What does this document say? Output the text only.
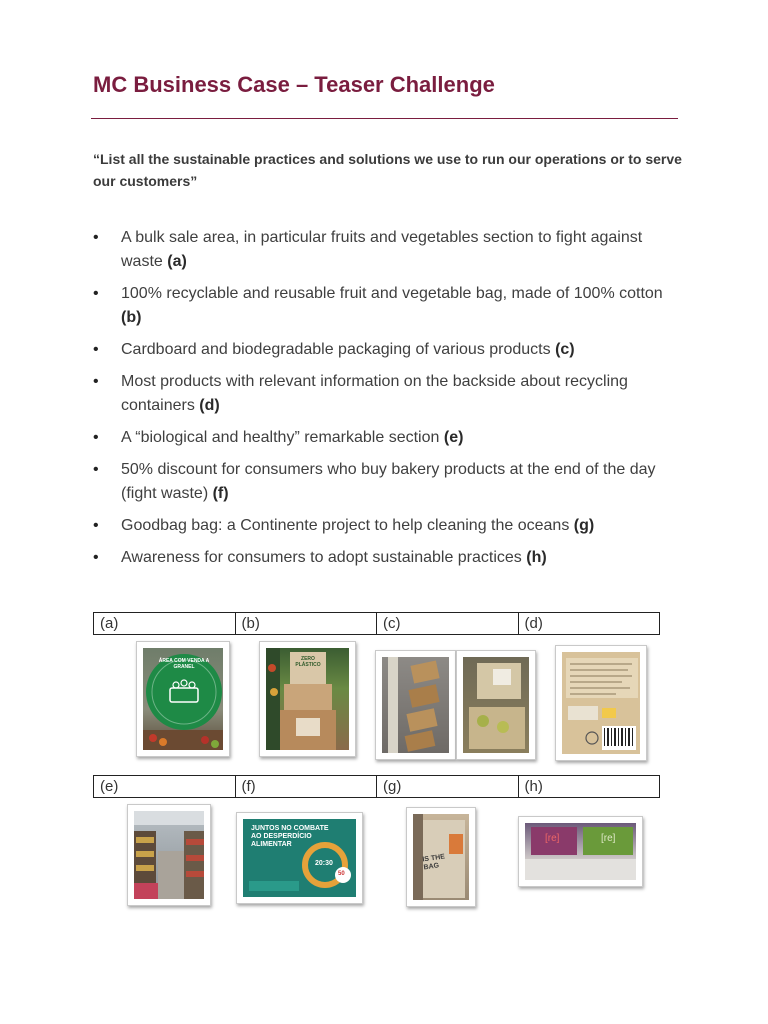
MC Business Case – Teaser Challenge

“List all the sustainable practices and solutions we use to run our operations or to serve our customers”

• A bulk sale area, in particular fruits and vegetables section to fight against waste (a)
• 100% recyclable and reusable fruit and vegetable bag, made of 100% cotton (b)
• Cardboard and biodegradable packaging of various products (c)
• Most products with relevant information on the backside about recycling containers (d)
• A “biological and healthy” remarkable section (e)
• 50% discount for consumers who buy bakery products at the end of the day (fight waste) (f)
• Goodbag bag: a Continente project to help cleaning the oceans (g)
• Awareness for consumers to adopt sustainable practices (h)
(a)	(b)	(c)	(d)
ÁREA COM VENDA A GRANEL
ZERO PLÁSTICO
(e)	(f)	(g)	(h)
JUNTOS NO COMBATE
AO DESPERDÍCIO
ALIMENTAR
20:30
50
IS THE BAG
[re]	[re]
